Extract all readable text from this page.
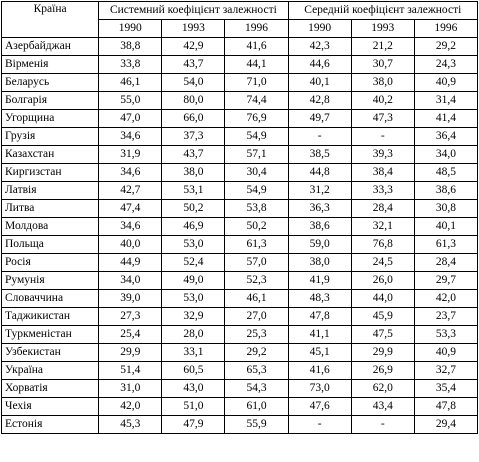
Країна	Системний коефіцієнт залежності			Середній коефіцієнт залежності		
	1990	1993	1996	1990	1993	1996
Азербайджан	38,8	42,9	41,6	42,3	21,2	29,2
Вірменія	33,8	43,7	44,1	44,6	30,7	24,3
Беларусь	46,1	54,0	71,0	40,1	38,0	40,9
Болгарія	55,0	80,0	74,4	42,8	40,2	31,4
Угорщина	47,0	66,0	76,9	49,7	47,3	41,4
Грузія	34,6	37,3	54,9	-	-	36,4
Казахстан	31,9	43,7	57,1	38,5	39,3	34,0
Киргизстан	34,6	38,0	30,4	44,8	38,4	48,5
Латвія	42,7	53,1	54,9	31,2	33,3	38,6
Литва	47,4	50,2	53,8	36,3	28,4	30,8
Молдова	34,6	46,9	50,2	38,6	32,1	40,1
Польща	40,0	53,0	61,3	59,0	76,8	61,3
Росія	44,9	52,4	57,0	38,0	24,5	28,4
Румунія	34,0	49,0	52,3	41,9	26,0	29,7
Словаччина	39,0	53,0	46,1	48,3	44,0	42,0
Таджикистан	27,3	32,9	27,0	47,8	45,9	23,7
Туркменістан	25,4	28,0	25,3	41,1	47,5	53,3
Узбекистан	29,9	33,1	29,2	45,1	29,9	40,9
Україна	51,4	60,5	65,3	41,6	26,9	32,7
Хорватія	31,0	43,0	54,3	73,0	62,0	35,4
Чехія	42,0	51,0	61,0	47,6	43,4	47,8
Естонія	45,3	47,9	55,9	-	-	29,4
